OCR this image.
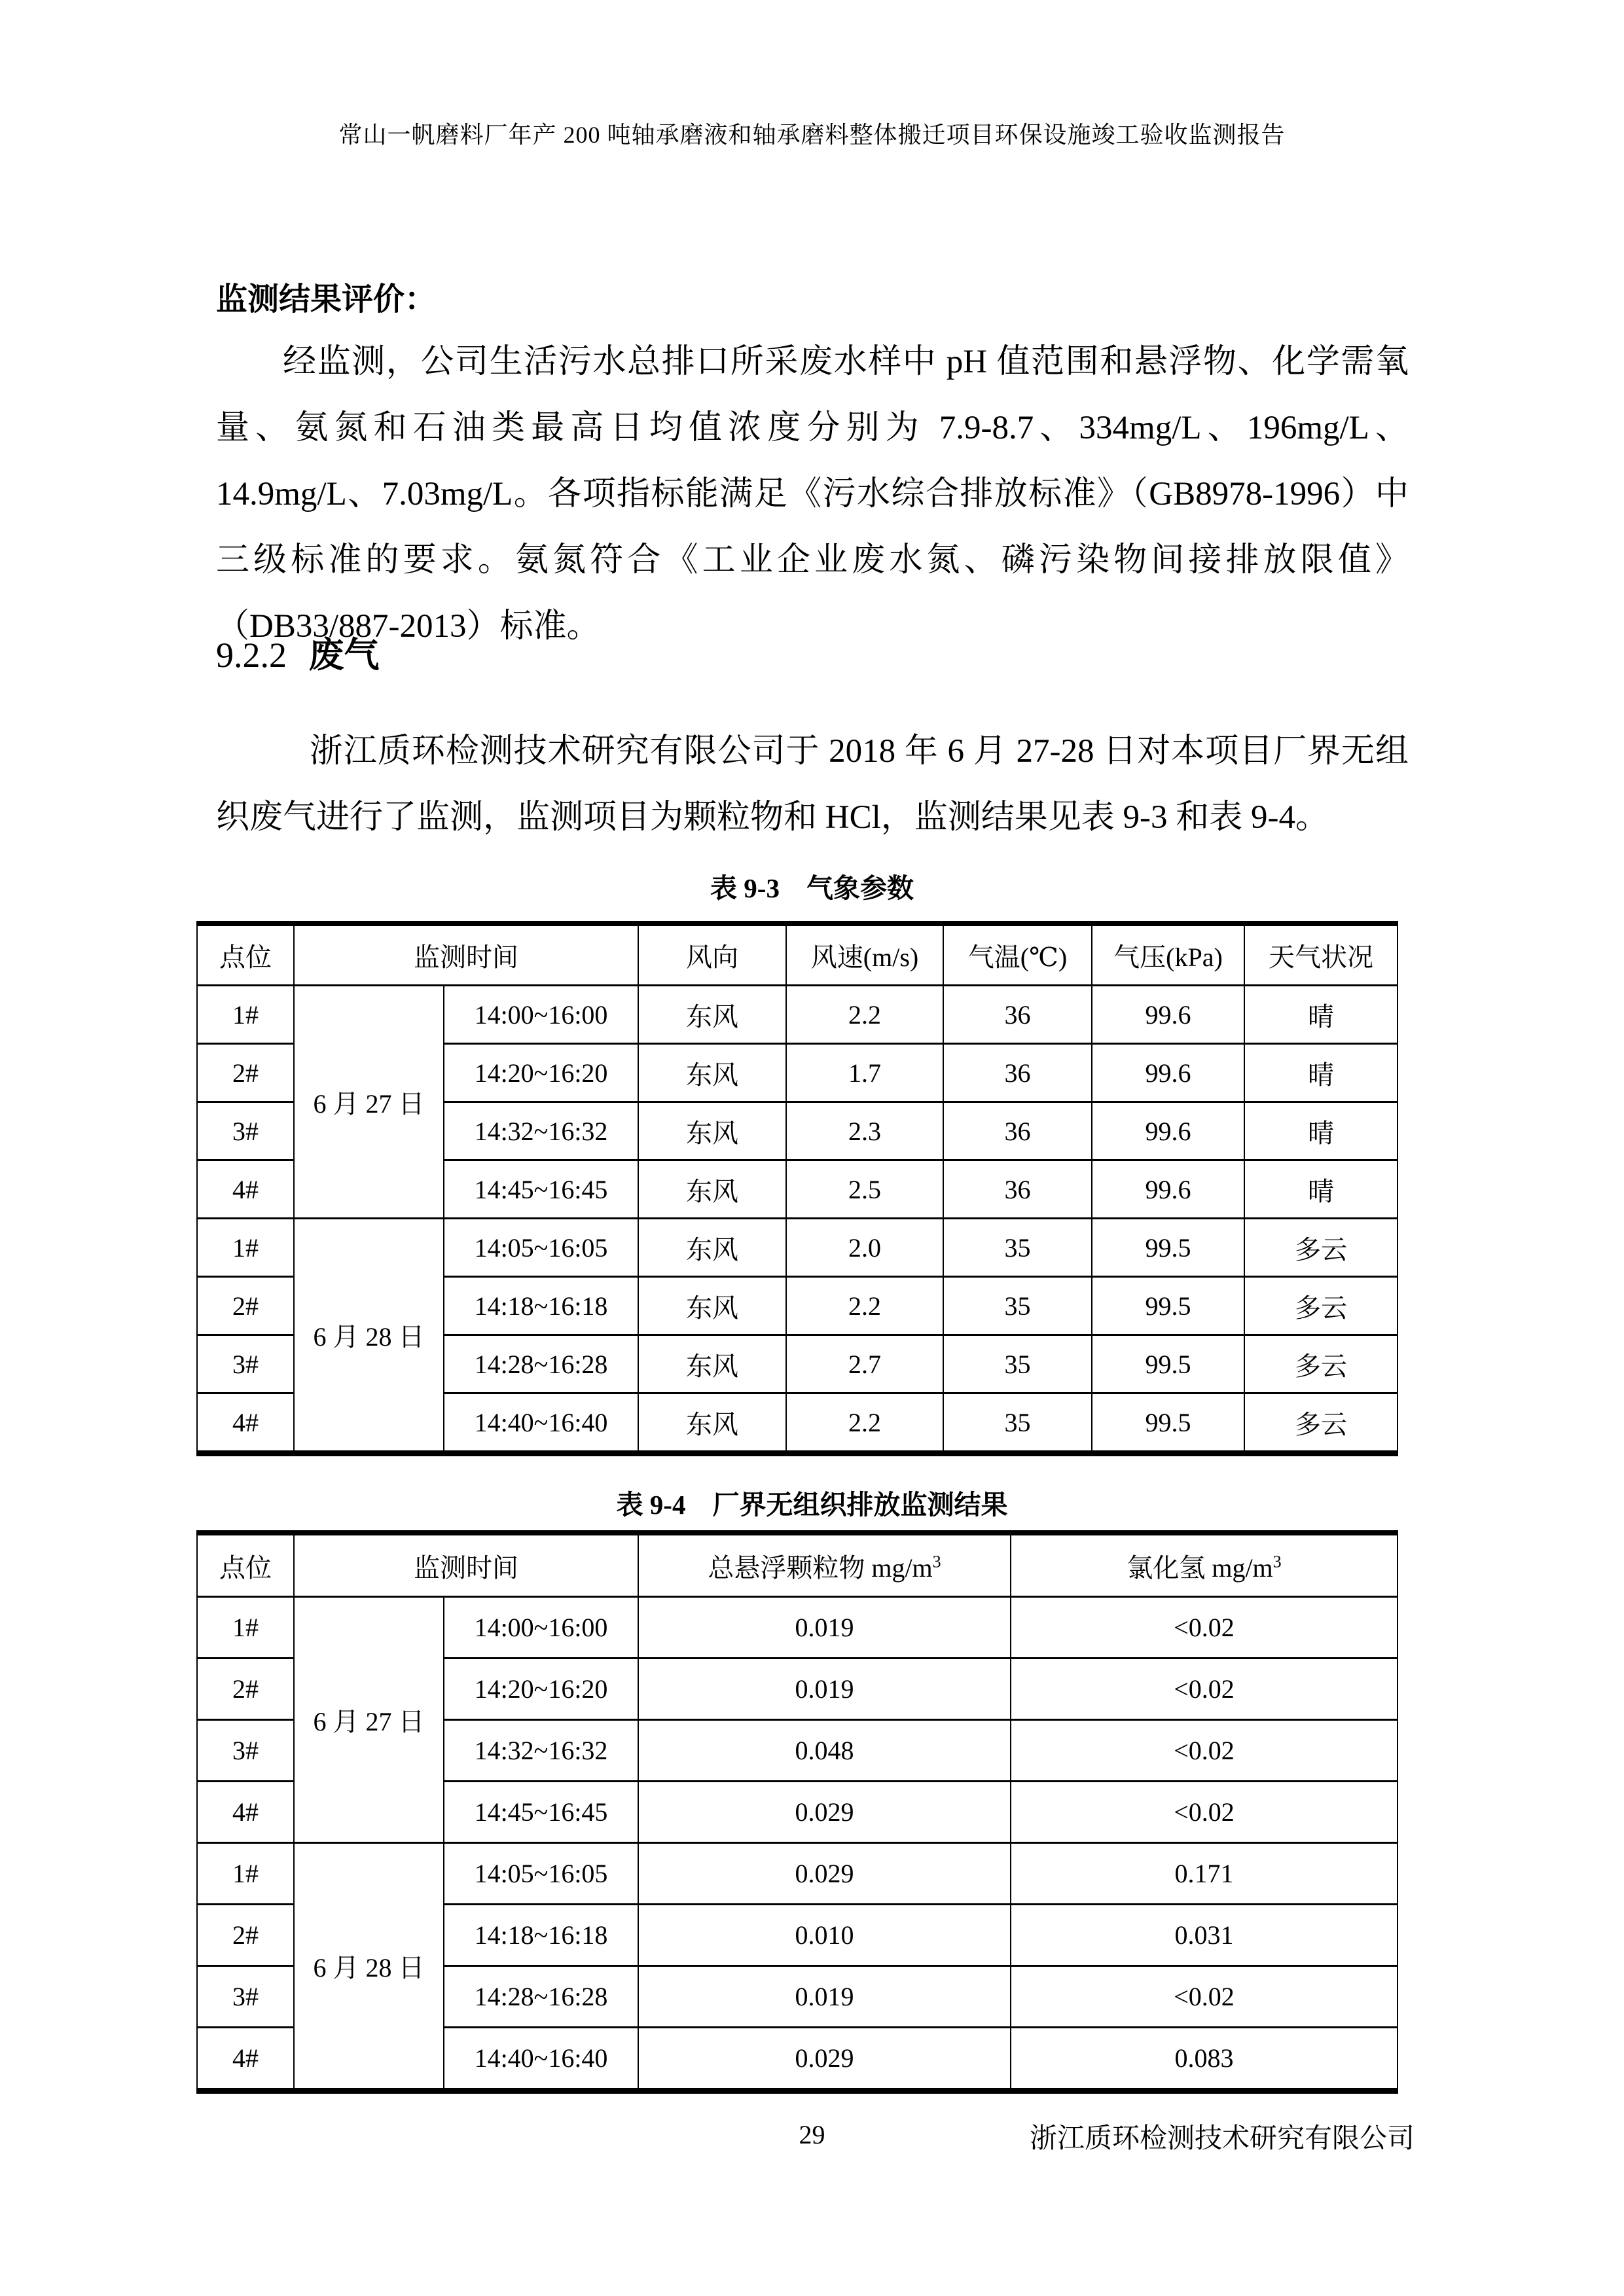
常山一帆磨料厂年产 200 吨轴承磨液和轴承磨料整体搬迁项目环保设施竣工验收监测报告
监测结果评价：

经监测，公司生活污水总排口所采废水样中 pH 值范围和悬浮物、化学需氧量、氨氮和石油类最高日均值浓度分别为 7.9-8.7、334mg/L、196mg/L、14.9mg/L、7.03mg/L。各项指标能满足《污水综合排放标准》（GB8978-1996）中三级标准的要求。氨氮符合《工业企业废水氮、磷污染物间接排放限值》（DB33/887-2013）标准。

9.2.2 废气

浙江质环检测技术研究有限公司于 2018 年 6 月 27-28 日对本项目厂界无组织废气进行了监测，监测项目为颗粒物和 HCl，监测结果见表 9-3 和表 9-4。

表 9-3　气象参数
点位	监测时间		风向	风速(m/s)	气温(℃)	气压(kPa)	天气状况
1#	6 月 27 日	14:00~16:00	东风	2.2	36	99.6	晴
2#		14:20~16:20	东风	1.7	36	99.6	晴
3#		14:32~16:32	东风	2.3	36	99.6	晴
4#		14:45~16:45	东风	2.5	36	99.6	晴
1#	6 月 28 日	14:05~16:05	东风	2.0	35	99.5	多云
2#		14:18~16:18	东风	2.2	35	99.5	多云
3#		14:28~16:28	东风	2.7	35	99.5	多云
4#		14:40~16:40	东风	2.2	35	99.5	多云
表 9-4　厂界无组织排放监测结果
点位	监测时间		总悬浮颗粒物 $mg/m^3$	氯化氢 $mg/m^3$
1#	6 月 27 日	14:00~16:00	0.019	<0.02
2#		14:20~16:20	0.019	<0.02
3#		14:32~16:32	0.048	<0.02
4#		14:45~16:45	0.029	<0.02
1#	6 月 28 日	14:05~16:05	0.029	0.171
2#		14:18~16:18	0.010	0.031
3#		14:28~16:28	0.019	<0.02
4#		14:40~16:40	0.029	0.083
29	浙江质环检测技术研究有限公司
